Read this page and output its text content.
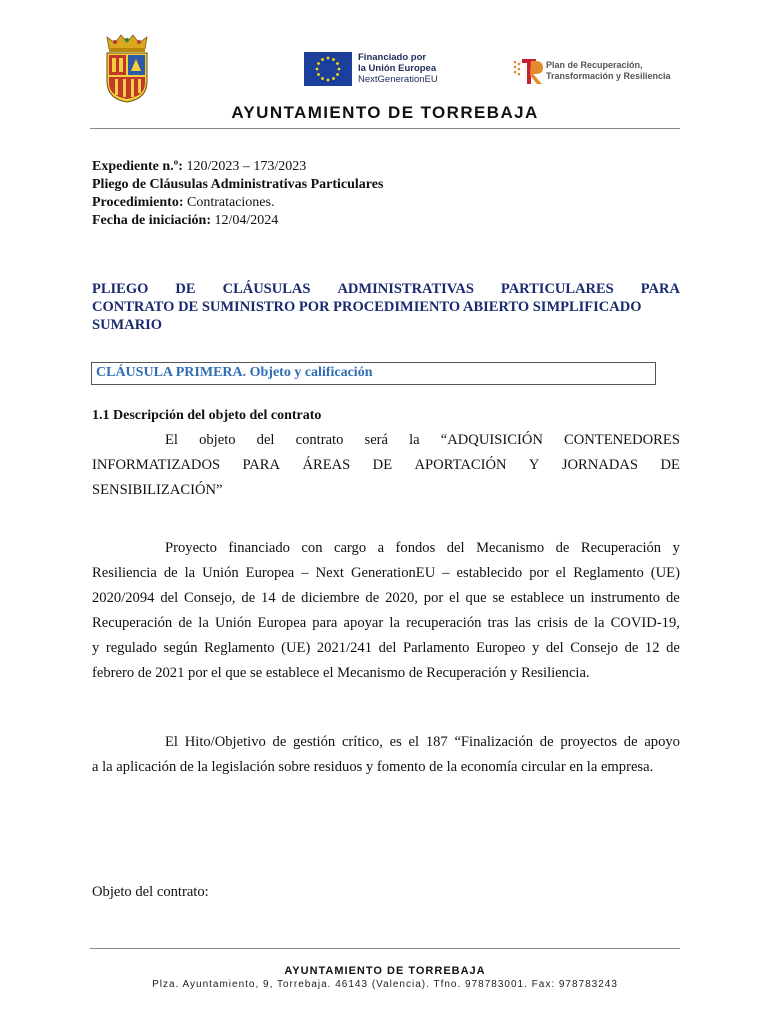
Financiado por
la Unión Europea
NextGenerationEU
Plan de Recuperación,
Transformación y Resiliencia
AYUNTAMIENTO DE TORREBAJA
Expediente n.º: 120/2023 – 173/2023
Pliego de Cláusulas Administrativas Particulares
Procedimiento: Contrataciones.
Fecha de iniciación: 12/04/2024
PLIEGO DE CLÁUSULAS ADMINISTRATIVAS PARTICULARES PARA
CONTRATO DE SUMINISTRO POR PROCEDIMIENTO ABIERTO SIMPLIFICADO
SUMARIO
CLÁUSULA PRIMERA. Objeto y calificación
1.1 Descripción del objeto del contrato
El objeto del contrato será la “ADQUISICIÓN CONTENEDORES
INFORMATIZADOS PARA ÁREAS DE APORTACIÓN Y JORNADAS DE
SENSIBILIZACIÓN”
Proyecto financiado con cargo a fondos del Mecanismo de Recuperación y
Resiliencia de la Unión Europea – Next GenerationEU – establecido por el Reglamento (UE)
2020/2094 del Consejo, de 14 de diciembre de 2020, por el que se establece un instrumento de
Recuperación de la Unión Europea para apoyar la recuperación tras las crisis de la COVID-19,
y regulado según Reglamento (UE) 2021/241 del Parlamento Europeo y del Consejo de 12 de
febrero de 2021 por el que se establece el Mecanismo de Recuperación y Resiliencia.
El Hito/Objetivo de gestión crítico, es el 187 “Finalización de proyectos de apoyo
a la aplicación de la legislación sobre residuos y fomento de la economía circular en la empresa.
Objeto del contrato:
AYUNTAMIENTO DE TORREBAJA
Plza. Ayuntamiento, 9, Torrebaja. 46143 (Valencia). Tfno. 978783001. Fax: 978783243
